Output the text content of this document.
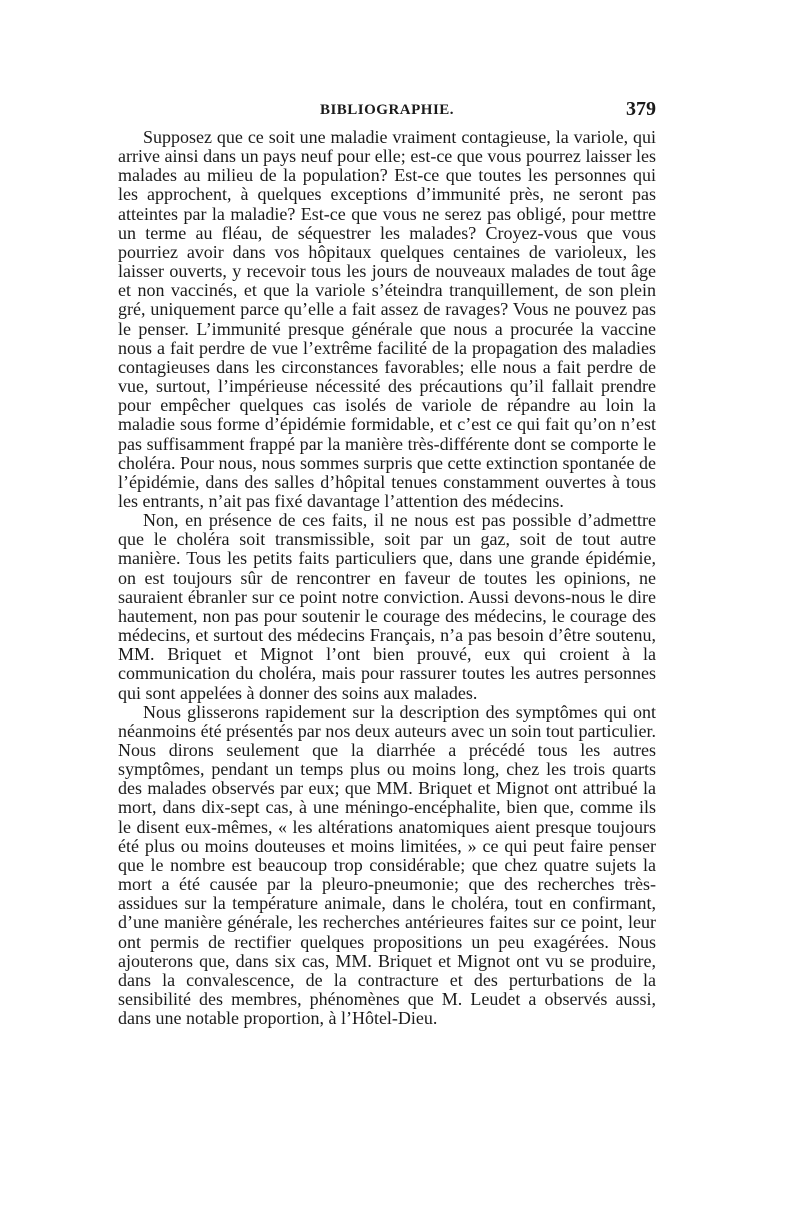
BIBLIOGRAPHIE.	379

Supposez que ce soit une maladie vraiment contagieuse, la variole, qui arrive ainsi dans un pays neuf pour elle; est-ce que vous pourrez laisser les malades au milieu de la population? Est-ce que toutes les personnes qui les approchent, à quelques exceptions d’immunité près, ne seront pas atteintes par la maladie? Est-ce que vous ne serez pas obligé, pour mettre un terme au fléau, de séquestrer les malades? Croyez-vous que vous pourriez avoir dans vos hôpitaux quelques centaines de varioleux, les laisser ouverts, y recevoir tous les jours de nouveaux malades de tout âge et non vaccinés, et que la variole s’éteindra tranquillement, de son plein gré, uniquement parce qu’elle a fait assez de ravages? Vous ne pouvez pas le penser. L’immunité presque générale que nous a procurée la vaccine nous a fait perdre de vue l’extrême facilité de la propagation des maladies contagieuses dans les circonstances favorables; elle nous a fait perdre de vue, surtout, l’impérieuse nécessité des précautions qu’il fallait prendre pour empêcher quelques cas isolés de variole de répandre au loin la maladie sous forme d’épidémie formidable, et c’est ce qui fait qu’on n’est pas suffisamment frappé par la manière très-différente dont se comporte le choléra. Pour nous, nous sommes surpris que cette extinction spontanée de l’épidémie, dans des salles d’hôpital tenues constamment ouvertes à tous les entrants, n’ait pas fixé davantage l’attention des médecins.

Non, en présence de ces faits, il ne nous est pas possible d’admettre que le choléra soit transmissible, soit par un gaz, soit de tout autre manière. Tous les petits faits particuliers que, dans une grande épidémie, on est toujours sûr de rencontrer en faveur de toutes les opinions, ne sauraient ébranler sur ce point notre conviction. Aussi devons-nous le dire hautement, non pas pour soutenir le courage des médecins, le courage des médecins, et surtout des médecins Français, n’a pas besoin d’être soutenu, MM. Briquet et Mignot l’ont bien prouvé, eux qui croient à la communication du choléra, mais pour rassurer toutes les autres personnes qui sont appelées à donner des soins aux malades.

Nous glisserons rapidement sur la description des symptômes qui ont néanmoins été présentés par nos deux auteurs avec un soin tout particulier. Nous dirons seulement que la diarrhée a précédé tous les autres symptômes, pendant un temps plus ou moins long, chez les trois quarts des malades observés par eux; que MM. Briquet et Mignot ont attribué la mort, dans dix-sept cas, à une méningo-encéphalite, bien que, comme ils le disent eux-mêmes, « les altérations anatomiques aient presque toujours été plus ou moins douteuses et moins limitées, » ce qui peut faire penser que le nombre est beaucoup trop considérable; que chez quatre sujets la mort a été causée par la pleuro-pneumonie; que des recherches très-assidues sur la température animale, dans le choléra, tout en confirmant, d’une manière générale, les recherches antérieures faites sur ce point, leur ont permis de rectifier quelques propositions un peu exagérées. Nous ajouterons que, dans six cas, MM. Briquet et Mignot ont vu se produire, dans la convalescence, de la contracture et des perturbations de la sensibilité des membres, phénomènes que M. Leudet a observés aussi, dans une notable proportion, à l’Hôtel-Dieu.
